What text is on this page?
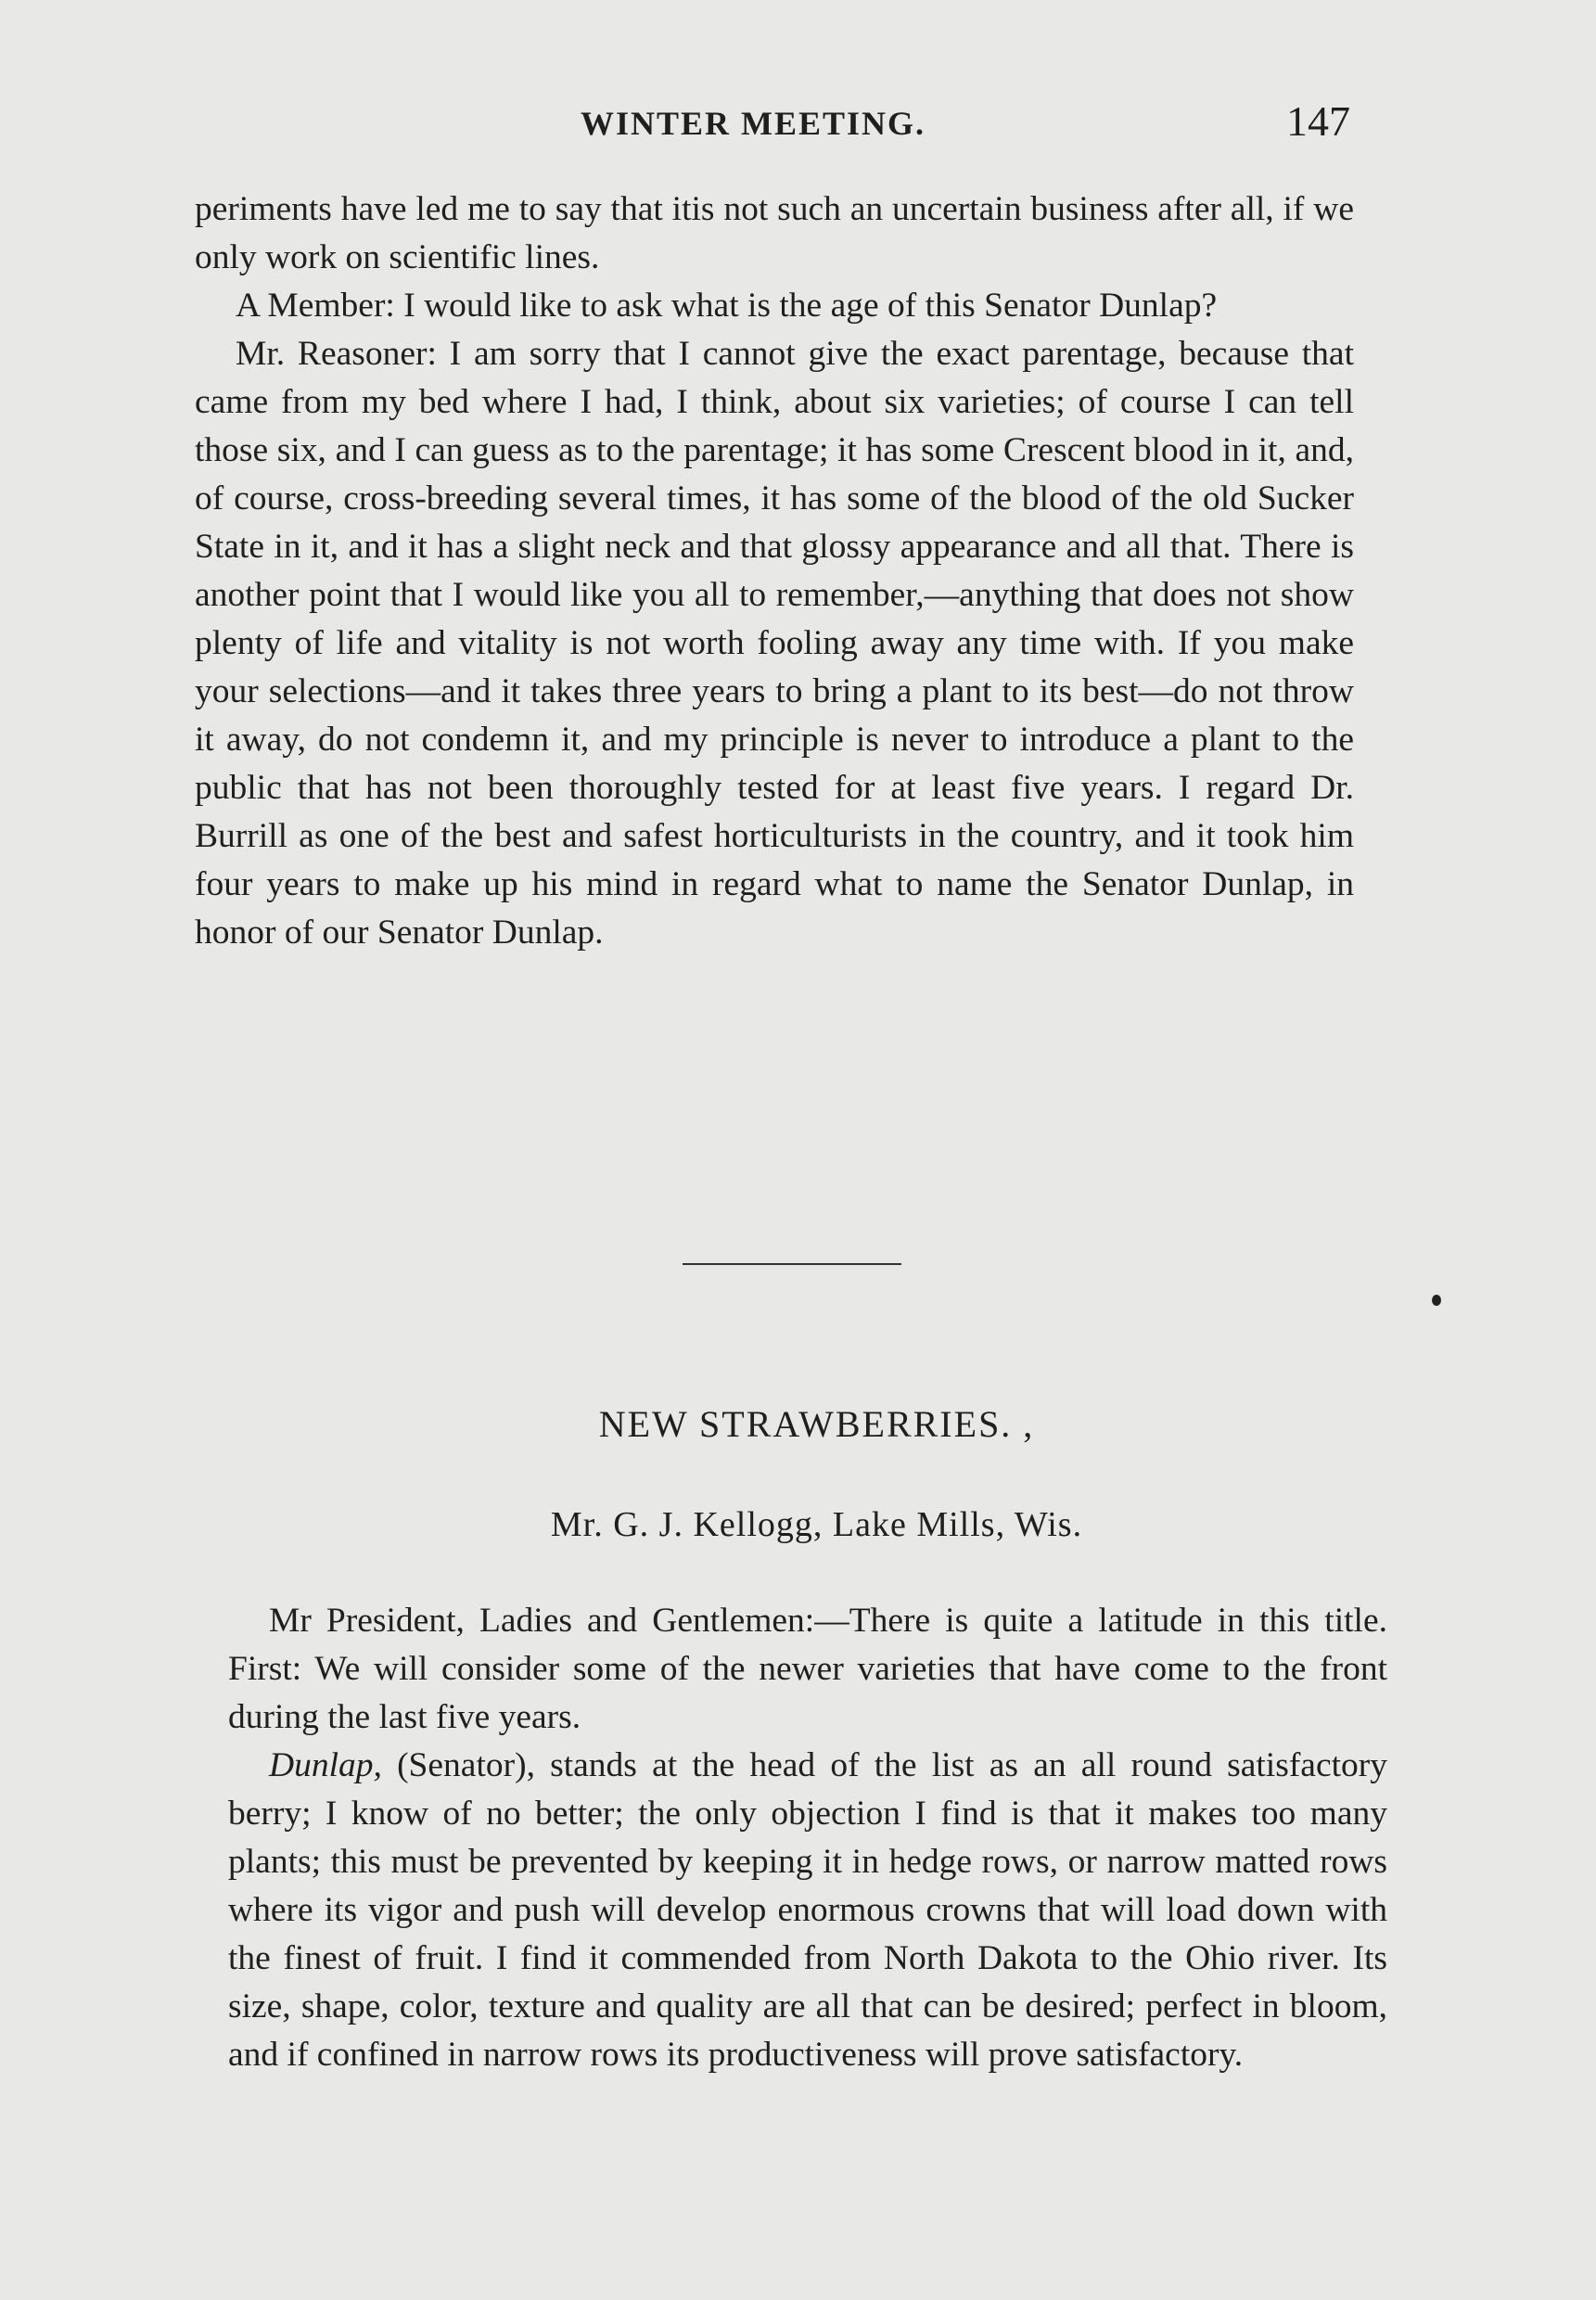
WINTER MEETING.	147

periments have led me to say that itis not such an uncertain business after all, if we only work on scientific lines.

A Member: I would like to ask what is the age of this Senator Dunlap?

Mr. Reasoner: I am sorry that I cannot give the exact parentage, because that came from my bed where I had, I think, about six varieties; of course I can tell those six, and I can guess as to the parentage; it has some Crescent blood in it, and, of course, cross-breeding several times, it has some of the blood of the old Sucker State in it, and it has a slight neck and that glossy appearance and all that. There is another point that I would like you all to remember,—anything that does not show plenty of life and vitality is not worth fooling away any time with. If you make your selections—and it takes three years to bring a plant to its best—do not throw it away, do not condemn it, and my principle is never to introduce a plant to the public that has not been thoroughly tested for at least five years. I regard Dr. Burrill as one of the best and safest horticulturists in the country, and it took him four years to make up his mind in regard what to name the Senator Dunlap, in honor of our Senator Dunlap.

NEW STRAWBERRIES. ,
Mr. G. J. Kellogg, Lake Mills, Wis.

Mr President, Ladies and Gentlemen:—There is quite a latitude in this title. First: We will consider some of the newer varieties that have come to the front during the last five years.

Dunlap, (Senator), stands at the head of the list as an all round satisfactory berry; I know of no better; the only objection I find is that it makes too many plants; this must be prevented by keeping it in hedge rows, or narrow matted rows where its vigor and push will develop enormous crowns that will load down with the finest of fruit. I find it commended from North Dakota to the Ohio river. Its size, shape, color, texture and quality are all that can be desired; perfect in bloom, and if confined in narrow rows its productiveness will prove satisfactory.
